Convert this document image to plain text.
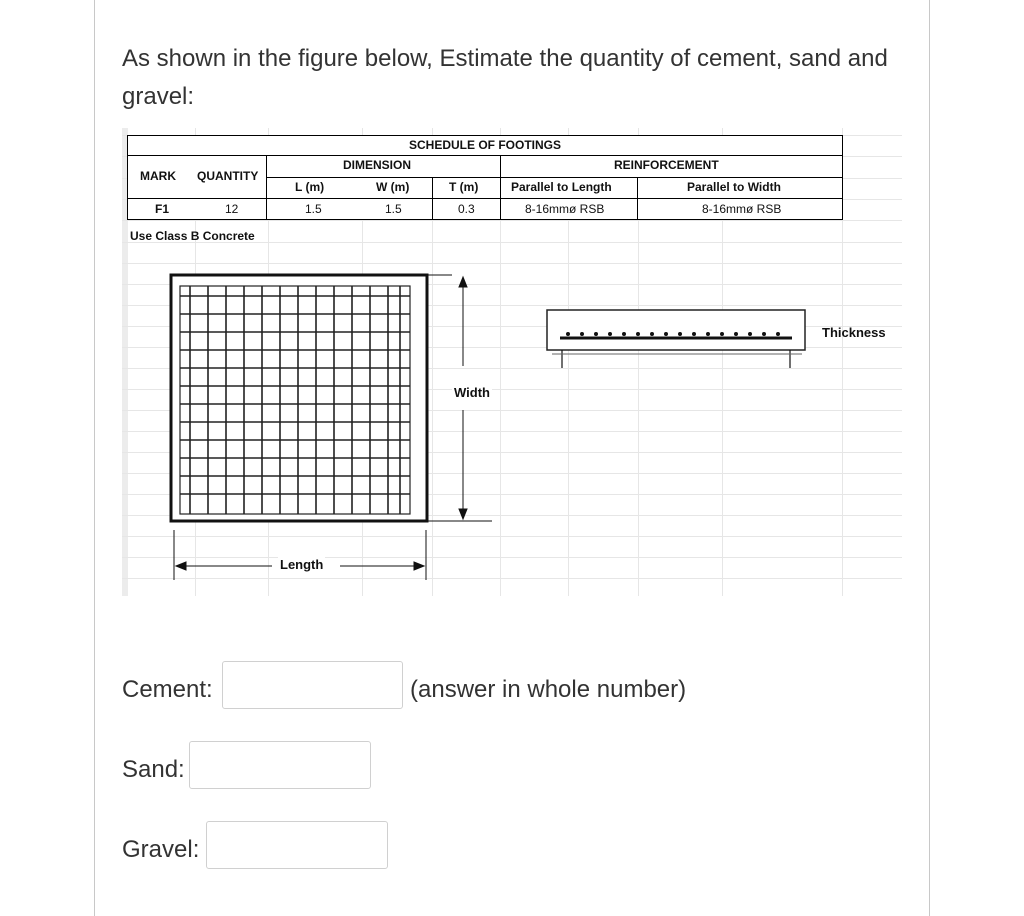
As shown in the figure below, Estimate the quantity of cement, sand and gravel:
SCHEDULE OF FOOTINGS
MARK QUANTITY
DIMENSION	REINFORCEMENT
L (m)	W (m)	T (m)	Parallel to Length	Parallel to Width
F1	12	1.5	1.5	0.3	8-16mmø RSB	8-16mmø RSB
Use Class B Concrete
Width
Length
Thickness
Cement:	(answer in whole number)
Sand:
Gravel:
